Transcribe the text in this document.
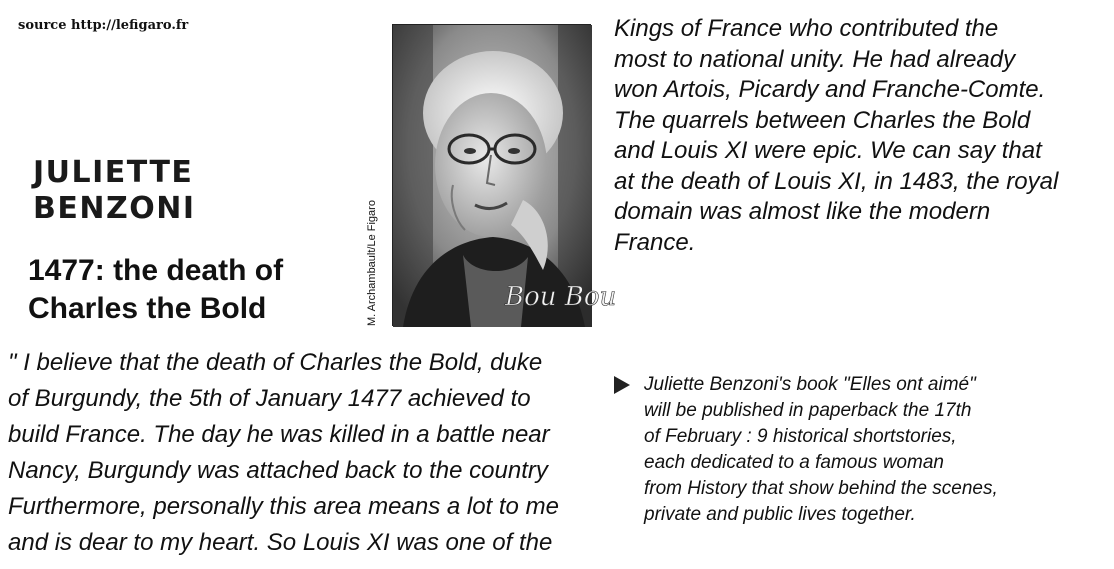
source http://lefigaro.fr
JULIETTE
BENZONI
1477: the death of
Charles the Bold	M. Archambault/Le Figaro	Bou Bou
" I believe that the death of Charles the Bold, duke
of Burgundy, the 5th of January 1477 achieved to
build France. The day he was killed in a battle near
Nancy, Burgundy was attached back to the country
Furthermore, personally this area means a lot to me
and is dear to my heart. So Louis XI was one of the
Kings of France who contributed the
most to national unity. He had already
won Artois, Picardy and Franche-Comte.
The quarrels between Charles the Bold
and Louis XI were epic. We can say that
at the death of Louis XI, in 1483, the royal
domain was almost like the modern
France.
Juliette Benzoni's book "Elles ont aimé"
will be published in paperback the 17th
of February : 9 historical shortstories,
each dedicated to a famous woman
from History that show behind the scenes,
private and public lives together.
